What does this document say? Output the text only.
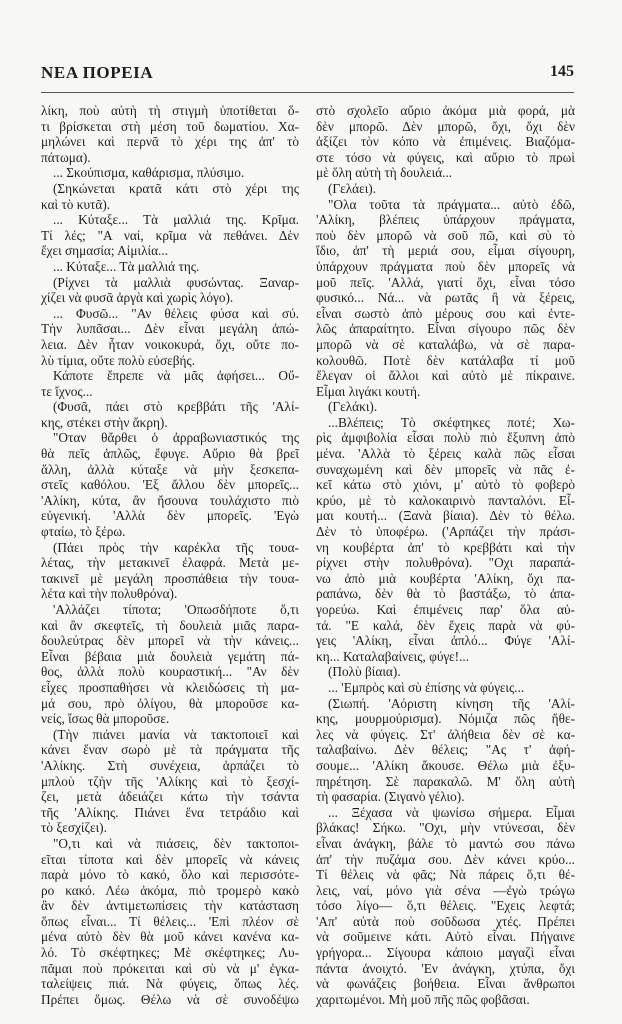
ΝΕΑ ΠΟΡΕΙΑ	145
λίκη, ποὺ αὐτὴ τὴ στιγμὴ ὑποτίθεται ὅ-
τι βρίσκεται στὴ μέση τοῦ δωματίου. Χα-
μηλώνει καὶ περνᾶ τὸ χέρι της ἀπ' τὸ
πάτωμα).
... Σκούπισμα, καθάρισμα, πλύσιμο.
(Σηκώνεται κρατᾶ κάτι στὸ χέρι της
καὶ τὸ κυτᾶ).
... Κύταξε... Τὰ μαλλιά της. Κρῖμα.
Τί λές; "Α ναί, κρῖμα νὰ πεθάνει. Δὲν
ἔχει σημασία; Αἰμιλία...
... Κύταξε... Τὰ μαλλιά της.
(Ρίχνει τὰ μαλλιὰ φυσώντας. Ξαναρ-
χίζει νὰ φυσᾶ ἀργὰ καὶ χωρὶς λόγο).
... Φυσῶ... "Αν θέλεις φύσα καὶ σύ.
Τὴν λυπᾶσαι... Δὲν εἶναι μεγάλη ἀπώ-
λεια. Δὲν ἦταν νοικοκυρά, ὄχι, οὔτε πο-
λὺ τίμια, οὔτε πολὺ εὐσεβής.
Κάποτε ἔπρεπε νὰ μᾶς ἀφήσει... Οὔ-
τε ἴχνος...
(Φυσᾶ, πάει στὸ κρεββάτι τῆς 'Αλί-
κης, στέκει στὴν ἄκρη).
"Οταν θἄρθει ὁ ἀρραβωνιαστικός της
θὰ πεῖς ἁπλῶς, ἔφυγε. Αὔριο θὰ βρεῖ
ἄλλη, ἀλλὰ κύταξε νὰ μὴν ξεσκεπα-
στεῖς καθόλου. 'Εξ ἄλλου δὲν μπορεῖς...
'Αλίκη, κύτα, ἂν ἤσουνα τουλάχιστο πιὸ
εὐγενική. 'Αλλὰ δὲν μπορεῖς. 'Εγὼ
φταίω, τὸ ξέρω.
(Πάει πρὸς τὴν καρέκλα τῆς τουα-
λέτας, τὴν μετακινεῖ ἐλαφρά. Μετὰ με-
τακινεῖ μὲ μεγάλη προσπάθεια τὴν τουα-
λέτα καὶ τὴν πολυθρόνα).
'Αλλάζει τίποτα; 'Οπωσδήποτε ὅ,τι
καὶ ἂν σκεφτεῖς, τὴ δουλειὰ μιᾶς παρα-
δουλεύτρας δὲν μπορεῖ νὰ τὴν κάνεις...
Εἶναι βέβαια μιὰ δουλειὰ γεμάτη πά-
θος, ἀλλὰ πολὺ κουραστική... "Αν δὲν
εἶχες προσπαθήσει νὰ κλειδώσεις τὴ μα-
μά σου, πρὸ ὀλίγου, θὰ μποροῦσε κα-
νείς, ἴσως θὰ μποροῦσε.
(Τὴν πιάνει μανία νὰ τακτοποιεῖ καὶ
κάνει ἕναν σωρὸ μὲ τὰ πράγματα τῆς
'Αλίκης. Στὴ συνέχεια, ἁρπάζει τὸ
μπλοὺ τζὴν τῆς 'Αλίκης καὶ τὸ ξεσχί-
ζει, μετὰ ἀδειάζει κάτω τὴν τσάντα
τῆς 'Αλίκης. Πιάνει ἕνα τετράδιο καὶ
τὸ ξεσχίζει).
"Ο,τι καὶ νὰ πιάσεις, δὲν τακτοποι-
εῖται τίποτα καὶ δὲν μπορεῖς νὰ κάνεις
παρὰ μόνο τὸ κακό, ὅλο καὶ περισσότε-
ρο κακό. Λέω ἀκόμα, πιὸ τρομερὸ κακὸ
ἂν δὲν ἀντιμετωπίσεις τὴν κατάσταση
ὅπως εἶναι... Τί θέλεις... 'Επὶ πλέον σὲ
μένα αὐτὸ δὲν θὰ μοῦ κάνει κανένα κα-
λό. Τὸ σκέφτηκες; Μὲ σκέφτηκες; Λυ-
πᾶμαι ποὺ πρόκειται καὶ σὺ νὰ μ' ἐγκα-
ταλείψεις πιά. Νὰ φύγεις, ὅπως λές.
Πρέπει ὅμως. Θέλω νὰ σὲ συνοδέψω
στὸ σχολεῖο αὔριο ἀκόμα μιὰ φορά, μὰ
δὲν μπορῶ. Δὲν μπορῶ, ὄχι, ὄχι δὲν
ἀξίζει τὸν κόπο νὰ ἐπιμένεις. Βιαζόμα-
στε τόσο νὰ φύγεις, καὶ αὔριο τὸ πρωὶ
μὲ ὅλη αὐτὴ τὴ δουλειά...
(Γελάει).
"Ολα τοῦτα τὰ πράγματα... αὐτὸ ἐδῶ,
'Αλίκη, βλέπεις ὑπάρχουν πράγματα,
ποὺ δὲν μπορῶ νὰ σοῦ πῶ, καὶ σὺ τὸ
ἴδιο, ἀπ' τὴ μεριά σου, εἶμαι σίγουρη,
ὑπάρχουν πράγματα ποὺ δὲν μπορεῖς νὰ
μοῦ πεῖς. 'Αλλά, γιατί ὄχι, εἶναι τόσο
φυσικό... Νά... νὰ ρωτᾶς ἢ νὰ ξέρεις,
εἶναι σωστὸ ἀπὸ μέρους σου καὶ ἐντε-
λῶς ἀπαραίτητο. Εἶναι σίγουρο πῶς δὲν
μπορῶ νὰ σὲ καταλάβω, νὰ σὲ παρα-
κολουθῶ. Ποτὲ δὲν κατάλαβα τί μοῦ
ἔλεγαν οἱ ἄλλοι καὶ αὐτὸ μὲ πίκραινε.
Εἶμαι λιγάκι κουτή.
(Γελάκι).
...Βλέπεις; Τὸ σκέφτηκες ποτέ; Χω-
ρὶς ἀμφιβολία εἶσαι πολὺ πιὸ ἔξυπνη ἀπὸ
μένα. 'Αλλὰ τὸ ξέρεις καλὰ πῶς εἶσαι
συναχωμένη καὶ δὲν μπορεῖς νὰ πᾶς ἐ-
κεῖ κάτω στὸ χιόνι, μ' αὐτὸ τὸ φοβερὸ
κρύο, μὲ τὸ καλοκαιρινὸ πανταλόνι. Εἶ-
μαι κουτή... (Ξανὰ βίαια). Δὲν τὸ θέλω.
Δὲν τὸ ὑποφέρω. ('Αρπάζει τὴν πράσι-
νη κουβέρτα ἀπ' τὸ κρεββάτι καὶ τὴν
ρίχνει στὴν πολυθρόνα). "Οχι παραπά-
νω ἀπὸ μιὰ κουβέρτα 'Αλίκη, ὄχι πα-
ραπάνω, δὲν θὰ τὸ βαστάξω, τὸ ἀπα-
γορεύω. Καὶ ἐπιμένεις παρ' ὅλα αὐ-
τά. "Ε καλά, δὲν ἔχεις παρὰ νὰ φύ-
γεις 'Αλίκη, εἶναι ἁπλό... Φύγε 'Αλί-
κη... Καταλαβαίνεις, φύγε!...
(Πολὺ βίαια).
... 'Εμπρὸς καὶ σὺ ἐπίσης νὰ φύγεις...
(Σιωπή. 'Αόριστη κίνηση τῆς 'Αλί-
κης, μουρμούρισμα). Νόμιζα πῶς ἤθε-
λες νὰ φύγεις. Στ' ἀλήθεια δὲν σὲ κα-
ταλαβαίνω. Δὲν θέλεις; "Ας τ' ἀφή-
σουμε... 'Αλίκη ἄκουσε. Θέλω μιὰ ἐξυ-
πηρέτηση. Σὲ παρακαλῶ. Μ' ὅλη αὐτὴ
τὴ φασαρία. (Σιγανὸ γέλιο).
... Ξέχασα νὰ ψωνίσω σήμερα. Εἶμαι
βλάκας! Σήκω. "Οχι, μὴν ντύνεσαι, δὲν
εἶναι ἀνάγκη, βάλε τὸ μαντώ σου πάνω
ἀπ' τὴν πυζάμα σου. Δὲν κάνει κρύο...
Τί θέλεις νὰ φᾶς; Νὰ πάρεις ὅ,τι θέ-
λεις, ναί, μόνο γιὰ σένα —ἐγὼ τρώγω
τόσο λίγο— ὅ,τι θέλεις. "Εχεις λεφτά;
'Απ' αὐτὰ ποὺ σοῦδωσα χτές. Πρέπει
νὰ σοῦμεινε κάτι. Αὐτὸ εἶναι. Πήγαινε
γρήγορα... Σίγουρα κάποιο μαγαζὶ εἶναι
πάντα ἀνοιχτό. 'Εν ἀνάγκη, χτύπα, ὄχι
νὰ φωνάζεις βοήθεια. Εἶναι ἄνθρωποι
χαριτωμένοι. Μὴ μοῦ πῆς πῶς φοβᾶσαι.
